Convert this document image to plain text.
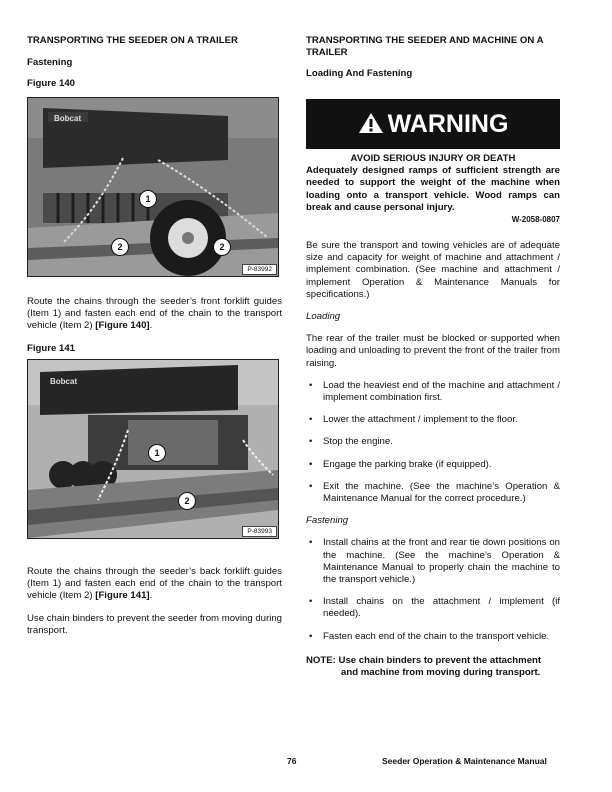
TRANSPORTING THE SEEDER ON A TRAILER

Fastening

Figure 140

Bobcat
1
2	2
P-83992

Route the chains through the seeder’s front forklift guides (Item 1) and fasten each end of the chain to the transport vehicle (Item 2) [Figure 140].

Figure 141

Bobcat
1
2
P-83993

Route the chains through the seeder’s back forklift guides (Item 1) and fasten each end of the chain to the transport vehicle (Item 2) [Figure 141].

Use chain binders to prevent the seeder from moving during transport.

TRANSPORTING THE SEEDER AND MACHINE ON A TRAILER

Loading And Fastening

WARNING

AVOID SERIOUS INJURY OR DEATH

Adequately designed ramps of sufficient strength are needed to support the weight of the machine when loading onto a transport vehicle. Wood ramps can break and cause personal injury.

W-2058-0807

Be sure the transport and towing vehicles are of adequate size and capacity for weight of machine and attachment / implement combination. (See machine and attachment / implement Operation & Maintenance Manuals for specifications.)

Loading

The rear of the trailer must be blocked or supported when loading and unloading to prevent the front of the trailer from raising.

• Load the heaviest end of the machine and attachment / implement combination first.
• Lower the attachment / implement to the floor.
• Stop the engine.
• Engage the parking brake (if equipped).
• Exit the machine. (See the machine’s Operation & Maintenance Manual for the correct procedure.)

Fastening

• Install chains at the front and rear tie down positions on the machine. (See the machine’s Operation & Maintenance Manual to properly chain the machine to the transport vehicle.)
• Install chains on the attachment / implement (if needed).
• Fasten each end of the chain to the transport vehicle.

NOTE: Use chain binders to prevent the attachment and machine from moving during transport.

76	Seeder Operation & Maintenance Manual
